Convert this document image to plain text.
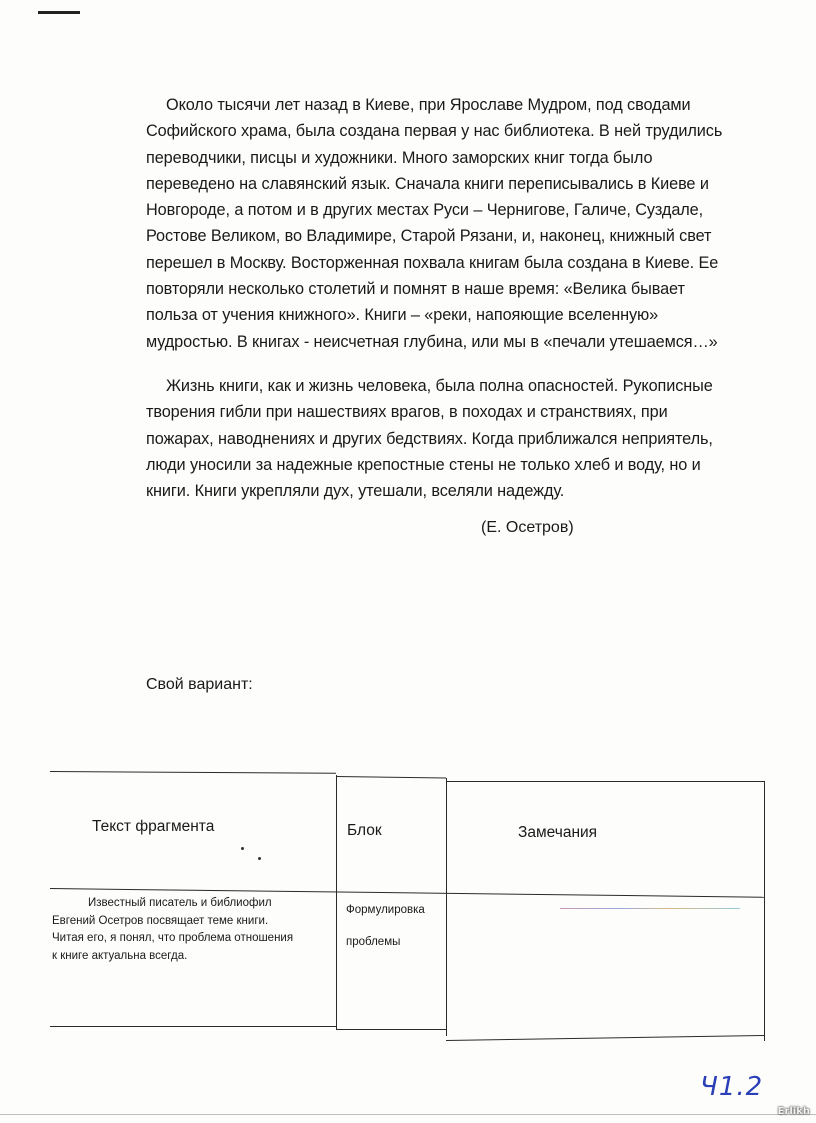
Около тысячи лет назад в Киеве, при Ярославе Мудром, под сводами

Софийского храма, была создана первая у нас библиотека. В ней трудились

переводчики, писцы и художники. Много заморских книг тогда было

переведено на славянский язык. Сначала книги переписывались в Киеве и

Новгороде, а потом и в других местах Руси – Чернигове, Галиче, Суздале,

Ростове Великом, во Владимире, Старой Рязани, и, наконец, книжный свет

перешел в Москву. Восторженная похвала книгам была создана в Киеве. Ее

повторяли несколько столетий и помнят в наше время: «Велика бывает

польза от учения книжного». Книги – «реки, напояющие вселенную»

мудростью. В книгах - неисчетная глубина, или мы в «печали утешаемся…»

Жизнь книги, как и жизнь человека, была полна опасностей. Рукописные

творения гибли при нашествиях врагов, в походах и странствиях, при

пожарах, наводнениях и других бедствиях. Когда приближался неприятель,

люди уносили за надежные крепостные стены не только хлеб и воду, но и

книги. Книги укрепляли дух, утешали, вселяли надежду.

(Е. Осетров)
Свой вариант:
Текст фрагмента	Блок	Замечания
Известный писатель и библиофил
Евгений Осетров посвящает теме книги.
Читая его, я понял, что проблема отношения
к книге актуальна всегда.
Формулировка
проблемы
Ч1.2
Erlikh
